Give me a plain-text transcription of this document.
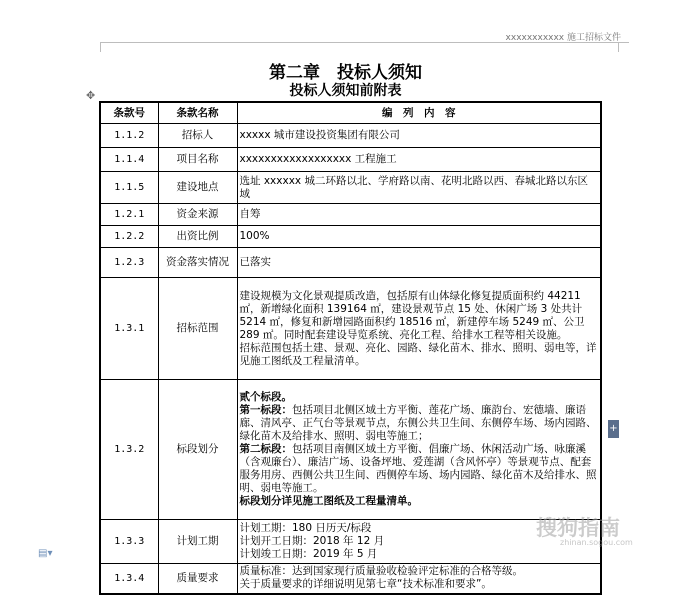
xxxxxxxxxxx 施工招标文件
第二章　投标人须知
投标人须知前附表
✥
条款号	条款名称	编　列　内　容
1.1.2	招标人	xxxxx 城市建设投资集团有限公司
1.1.4	项目名称	xxxxxxxxxxxxxxxxxx 工程施工
1.1.5	建设地点	选址 xxxxxx 城二环路以北、学府路以南、花明北路以西、春城北路以东区域
1.2.1	资金来源	自筹
1.2.2	出资比例	100%
1.2.3	资金落实情况	已落实
1.3.1	招标范围	建设规模为文化景观提质改造，包括原有山体绿化修复提质面积约 44211 ㎡，新增绿化面积 139164 ㎡，建设景观节点 15 处、休闲广场 3 处共计 5214 ㎡，修复和新增园路面积约 18516 ㎡，新建停车场 5249 ㎡、公卫 289 ㎡。同时配套建设导览系统、亮化工程、给排水工程等相关设施。
招标范围包括土建、景观、亮化、园路、绿化苗木、排水、照明、弱电等，详见施工图纸及工程量清单。

1.3.2	标段划分	贰个标段。
第一标段：包括项目北侧区域土方平衡、莲花广场、廉韵台、宏德墙、廉语廊、清风亭、正气台等景观节点，东侧公共卫生间、东侧停车场、场内园路、绿化苗木及给排水、照明、弱电等施工；
第二标段：包括项目南侧区域土方平衡、倡廉广场、休闲活动广场、咏廉溪（含观廉台）、廉洁广场、设备坪地、爱莲湖（含风怀亭）等景观节点、配套服务用房、西侧公共卫生间、西侧停车场、场内园路、绿化苗木及给排水、照明、弱电等施工。
标段划分详见施工图纸及工程量清单。

1.3.3	计划工期	计划工期：180 日历天/标段
计划开工日期：2018 年 12 月
计划竣工日期：2019 年 5 月

1.3.4	质量要求	质量标准：达到国家现行质量验收检验评定标准的合格等级。
关于质量要求的详细说明见第七章“技术标准和要求”。
+
▤▾
搜狗指南
zhinan.sogou.com
